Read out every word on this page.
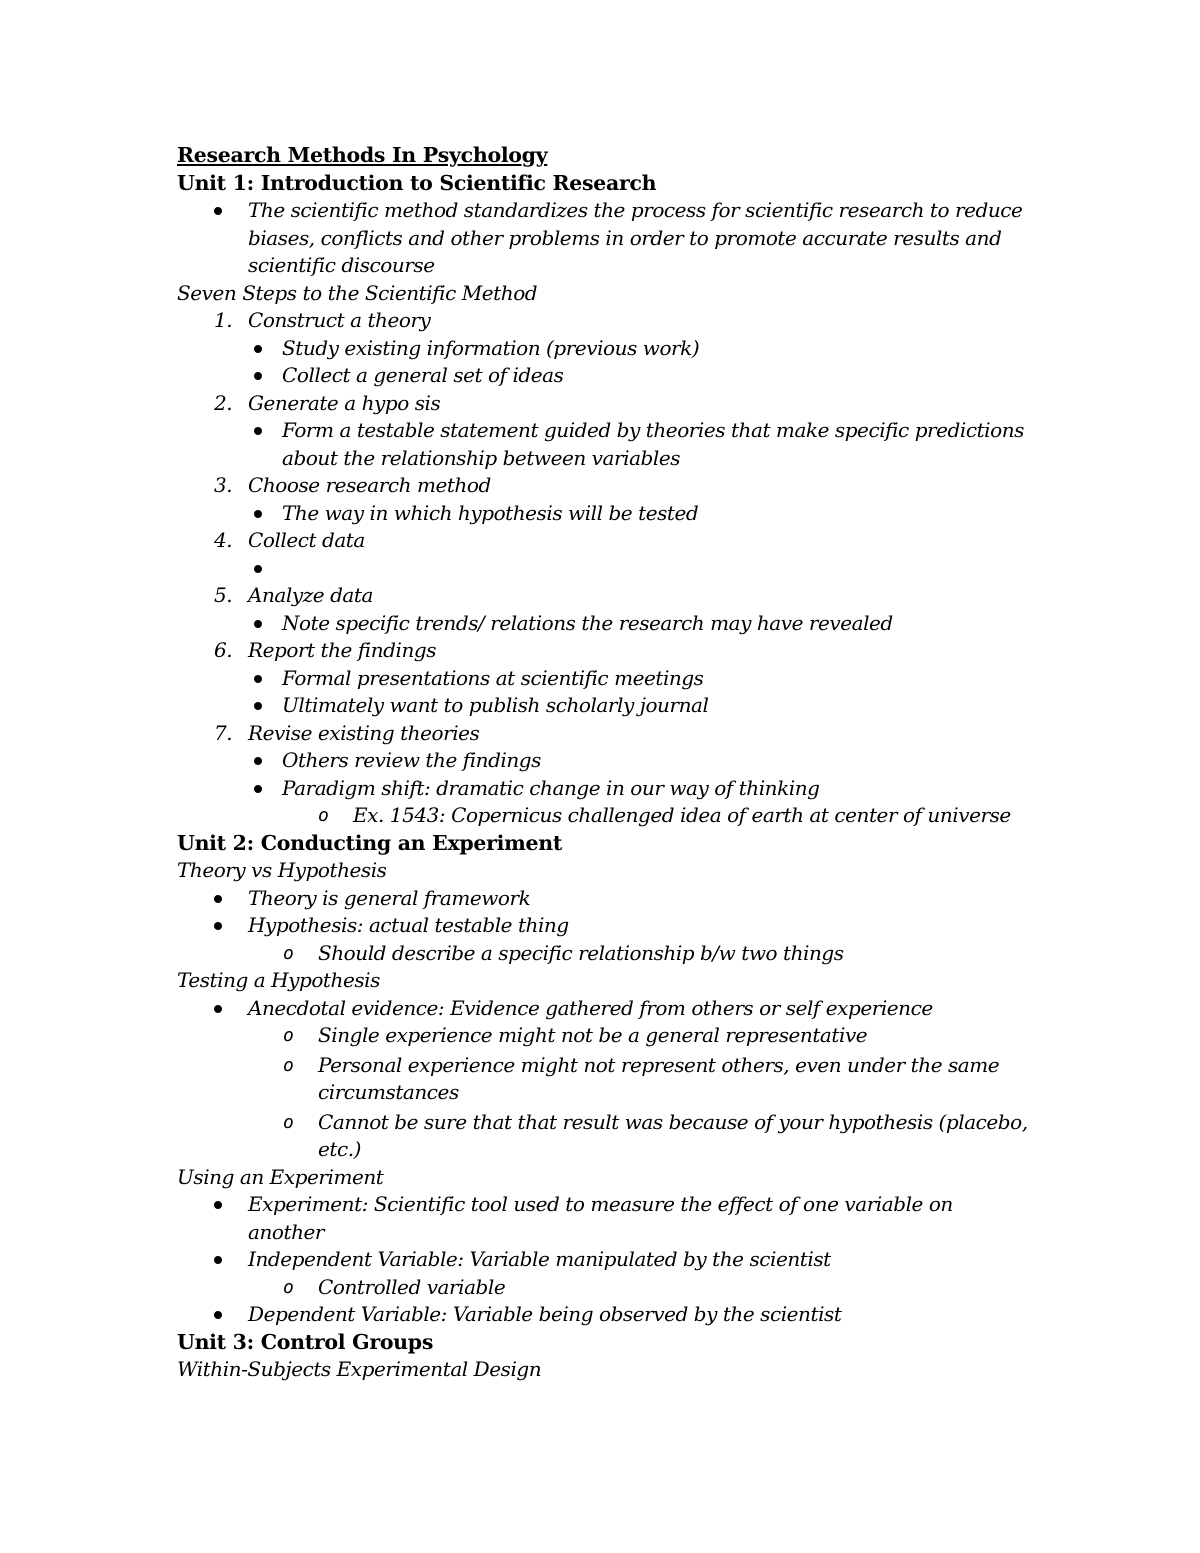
Research Methods In Psychology
Unit 1: Introduction to Scientific Research
The scientific method standardizes the process for scientific research to reduce
biases, conflicts and other problems in order to promote accurate results and
scientific discourse
Seven Steps to the Scientific Method
1. Construct a theory
Study existing information (previous work)
Collect a general set of ideas
2. Generate a hypo sis
Form a testable statement guided by theories that make specific predictions
about the relationship between variables
3. Choose research method
The way in which hypothesis will be tested
4. Collect data

5. Analyze data
Note specific trends/ relations the research may have revealed
6. Report the findings
Formal presentations at scientific meetings
Ultimately want to publish scholarly journal
7. Revise existing theories
Others review the findings
Paradigm shift: dramatic change in our way of thinking
o Ex. 1543: Copernicus challenged idea of earth at center of universe
Unit 2: Conducting an Experiment
Theory vs Hypothesis
Theory is general framework
Hypothesis: actual testable thing
o Should describe a specific relationship b/w two things
Testing a Hypothesis
Anecdotal evidence: Evidence gathered from others or self experience
o Single experience might not be a general representative
o Personal experience might not represent others, even under the same
circumstances
o Cannot be sure that that result was because of your hypothesis (placebo,
etc.)
Using an Experiment
Experiment: Scientific tool used to measure the effect of one variable on
another
Independent Variable: Variable manipulated by the scientist
o Controlled variable
Dependent Variable: Variable being observed by the scientist
Unit 3: Control Groups
Within-Subjects Experimental Design
